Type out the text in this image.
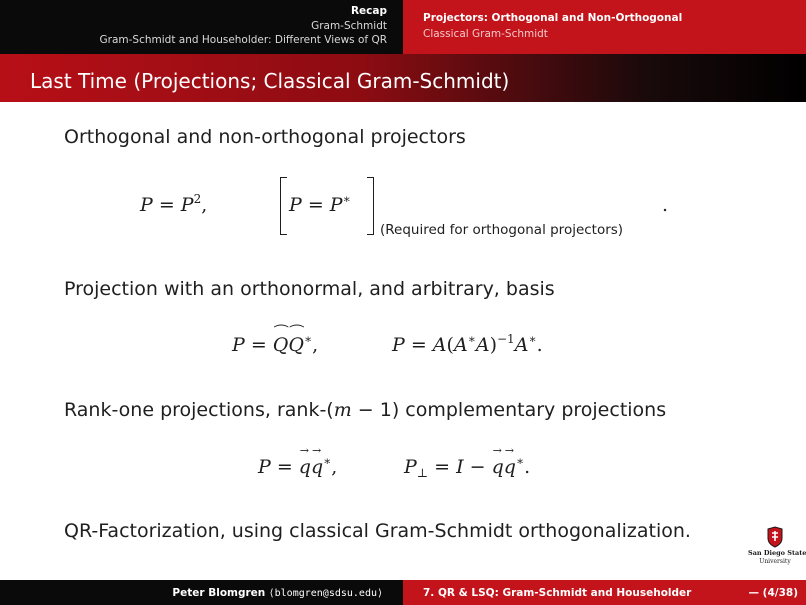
Recap
Gram-Schmidt
Gram-Schmidt and Householder: Different Views of QR
Projectors: Orthogonal and Non-Orthogonal
Classical Gram-Schmidt
Last Time (Projections; Classical Gram-Schmidt)
Orthogonal and non-orthogonal projectors
$P = P^2$,	P = P∗
(Required for orthogonal projectors)
.
Projection with an orthonormal, and arbitrary, basis
P = ⁀ Q⁀ Q∗,	$P = A(A^∗A)^{-1}A^∗$.
Rank-one projections, rank-(m − 1) complementary projections
P = → q→ q∗,	$P_\perp = I$ − → q→ q∗.
QR-Factorization, using classical Gram-Schmidt orthogonalization.
San Diego State
University
Peter Blomgren ⟨blomgren@sdsu.edu⟩	7. QR & LSQ: Gram-Schmidt and Householder	— (4/38)
